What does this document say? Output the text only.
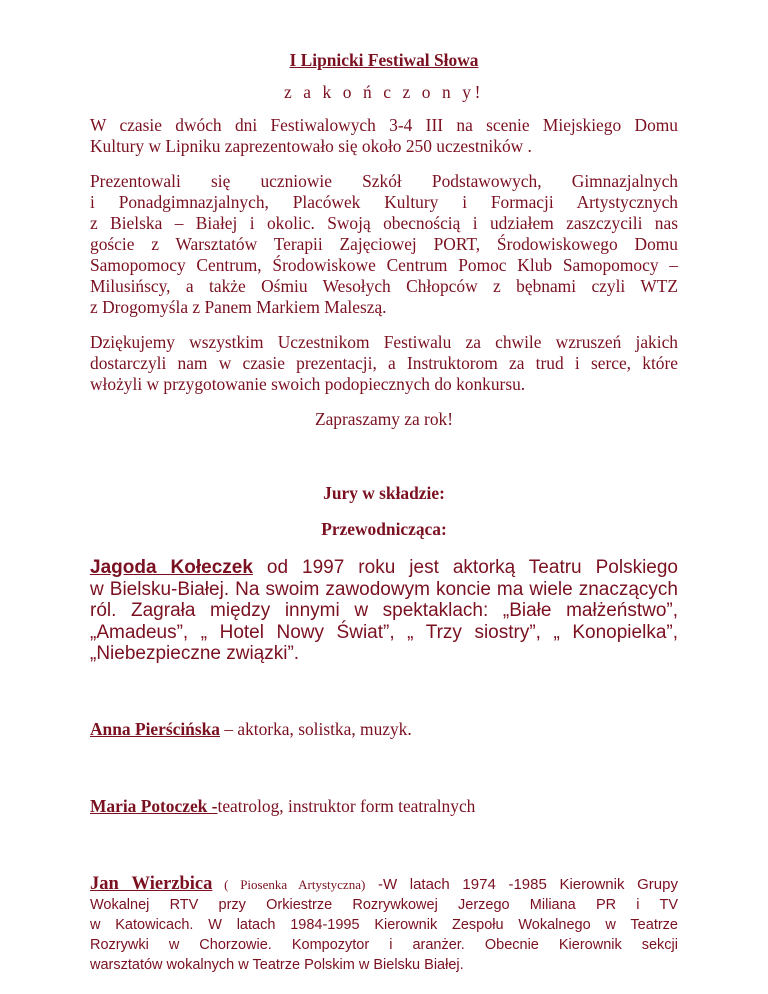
I Lipnicki Festiwal Słowa

z a k o ń c z o n y!

W czasie dwóch dni Festiwalowych 3-4 III na scenie Miejskiego Domu
Kultury w Lipniku zaprezentowało się około 250 uczestników .

Prezentowali się uczniowie Szkół Podstawowych, Gimnazjalnych
i Ponadgimnazjalnych, Placówek Kultury i Formacji Artystycznych
z Bielska – Białej i okolic. Swoją obecnością i udziałem zaszczycili nas
goście z Warsztatów Terapii Zajęciowej PORT, Środowiskowego Domu
Samopomocy Centrum, Środowiskowe Centrum Pomoc Klub Samopomocy –
Milusińscy, a także Ośmiu Wesołych Chłopców z bębnami czyli WTZ
z Drogomyśla z Panem Markiem Maleszą.

Dziękujemy wszystkim Uczestnikom Festiwalu za chwile wzruszeń jakich
dostarczyli nam w czasie prezentacji, a Instruktorom za trud i serce, które
włożyli w przygotowanie swoich podopiecznych do konkursu.

Zapraszamy za rok!

Jury w składzie:

Przewodnicząca:

Jagoda Kołeczek od 1997 roku jest aktorką Teatru Polskiego
w Bielsku-Białej. Na swoim zawodowym koncie ma wiele znaczących
ról. Zagrała między innymi w spektaklach: „Białe małżeństwo”,
„Amadeus”, „ Hotel Nowy Świat”, „ Trzy siostry”, „ Konopielka”,
„Niebezpieczne związki”.

Anna Pierścińska – aktorka, solistka, muzyk.

Maria Potoczek -teatrolog, instruktor form teatralnych

Jan Wierzbica ( Piosenka Artystyczna) -W latach 1974 -1985 Kierownik Grupy
Wokalnej RTV przy Orkiestrze Rozrywkowej Jerzego Miliana PR i TV
w Katowicach. W latach 1984-1995 Kierownik Zespołu Wokalnego w Teatrze
Rozrywki w Chorzowie. Kompozytor i aranżer. Obecnie Kierownik sekcji
warsztatów wokalnych w Teatrze Polskim w Bielsku Białej.
